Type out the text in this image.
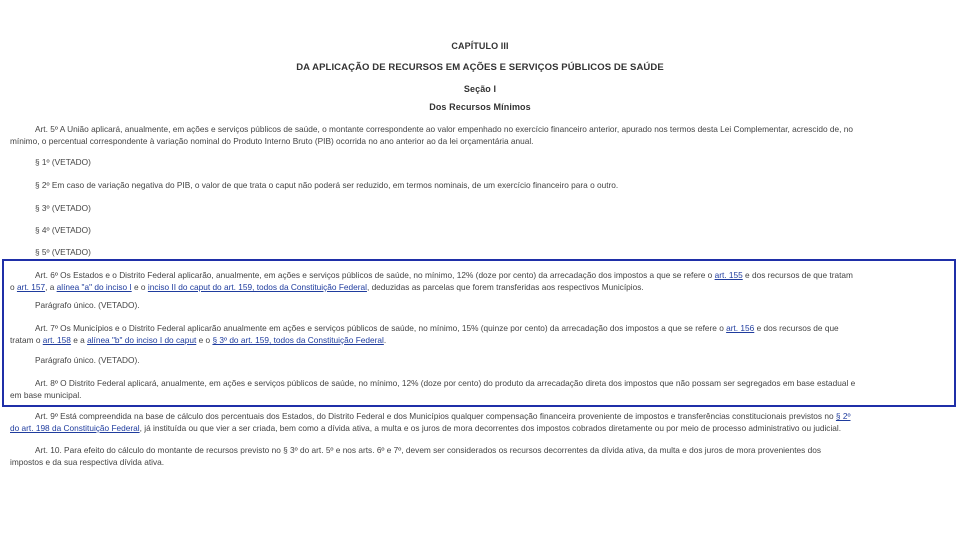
CAPÍTULO III
DA APLICAÇÃO DE RECURSOS EM AÇÕES E SERVIÇOS PÚBLICOS DE SAÚDE
Seção I
Dos Recursos Mínimos
Art. 5º A União aplicará, anualmente, em ações e serviços públicos de saúde, o montante correspondente ao valor empenhado no exercício financeiro anterior, apurado nos termos desta Lei Complementar, acrescido de, no
mínimo, o percentual correspondente à variação nominal do Produto Interno Bruto (PIB) ocorrida no ano anterior ao da lei orçamentária anual.
§ 1º (VETADO)
§ 2º Em caso de variação negativa do PIB, o valor de que trata o caput não poderá ser reduzido, em termos nominais, de um exercício financeiro para o outro.
§ 3º (VETADO)
§ 4º (VETADO)
§ 5º (VETADO)
Art. 6º Os Estados e o Distrito Federal aplicarão, anualmente, em ações e serviços públicos de saúde, no mínimo, 12% (doze por cento) da arrecadação dos impostos a que se refere o art. 155 e dos recursos de que tratam
o art. 157, a alínea "a" do inciso I e o inciso II do caput do art. 159, todos da Constituição Federal, deduzidas as parcelas que forem transferidas aos respectivos Municípios.
Parágrafo único. (VETADO).
Art. 7º Os Municípios e o Distrito Federal aplicarão anualmente em ações e serviços públicos de saúde, no mínimo, 15% (quinze por cento) da arrecadação dos impostos a que se refere o art. 156 e dos recursos de que
tratam o art. 158 e a alínea "b" do inciso I do caput e o § 3º do art. 159, todos da Constituição Federal.
Parágrafo único. (VETADO).
Art. 8º O Distrito Federal aplicará, anualmente, em ações e serviços públicos de saúde, no mínimo, 12% (doze por cento) do produto da arrecadação direta dos impostos que não possam ser segregados em base estadual e
em base municipal.
Art. 9º Está compreendida na base de cálculo dos percentuais dos Estados, do Distrito Federal e dos Municípios qualquer compensação financeira proveniente de impostos e transferências constitucionais previstos no § 2º
do art. 198 da Constituição Federal, já instituída ou que vier a ser criada, bem como a dívida ativa, a multa e os juros de mora decorrentes dos impostos cobrados diretamente ou por meio de processo administrativo ou judicial.
Art. 10. Para efeito do cálculo do montante de recursos previsto no § 3º do art. 5º e nos arts. 6º e 7º, devem ser considerados os recursos decorrentes da dívida ativa, da multa e dos juros de mora provenientes dos
impostos e da sua respectiva dívida ativa.
